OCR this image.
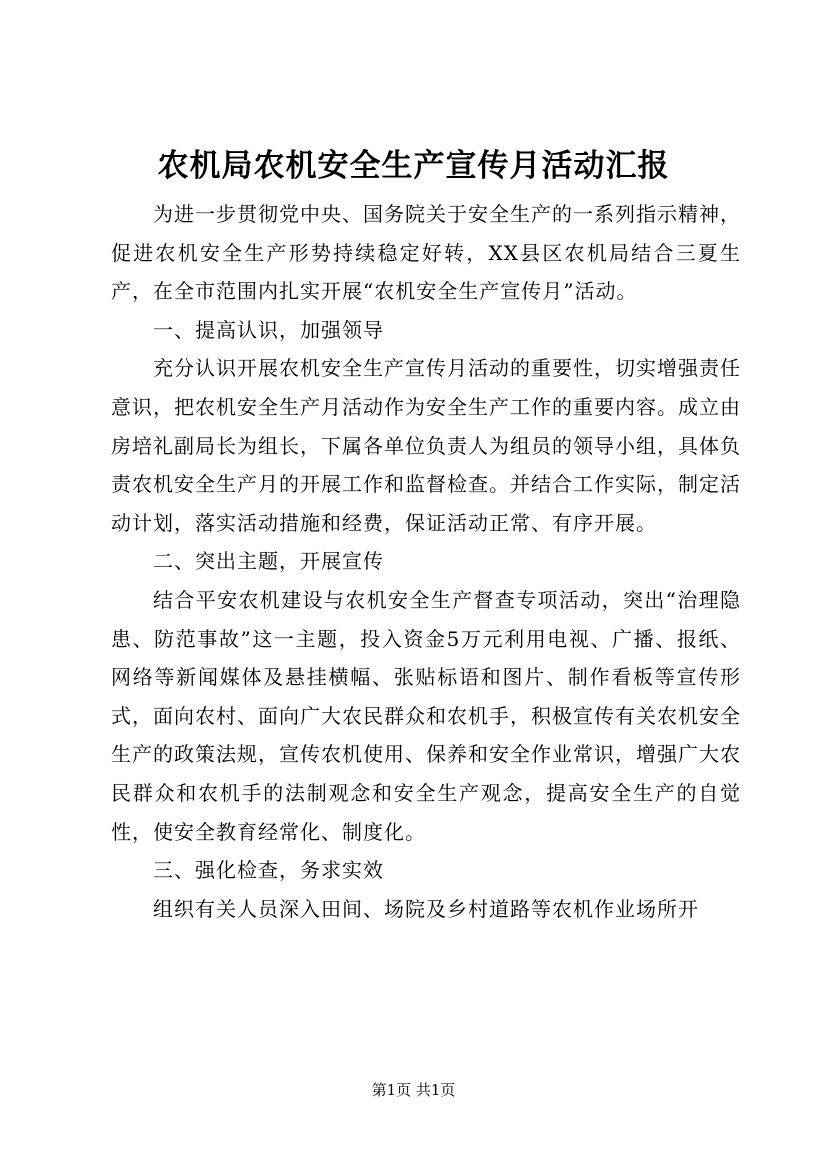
农机局农机安全生产宣传月活动汇报

为进一步贯彻党中央、国务院关于安全生产的一系列指示精神，促进农机安全生产形势持续稳定好转，XX县区农机局结合三夏生产，在全市范围内扎实开展“农机安全生产宣传月”活动。

一、提高认识，加强领导

充分认识开展农机安全生产宣传月活动的重要性，切实增强责任意识，把农机安全生产月活动作为安全生产工作的重要内容。成立由房培礼副局长为组长，下属各单位负责人为组员的领导小组，具体负责农机安全生产月的开展工作和监督检查。并结合工作实际，制定活动计划，落实活动措施和经费，保证活动正常、有序开展。

二、突出主题，开展宣传

结合平安农机建设与农机安全生产督查专项活动，突出“治理隐患、防范事故”这一主题，投入资金5万元利用电视、广播、报纸、网络等新闻媒体及悬挂横幅、张贴标语和图片、制作看板等宣传形式，面向农村、面向广大农民群众和农机手，积极宣传有关农机安全生产的政策法规，宣传农机使用、保养和安全作业常识，增强广大农民群众和农机手的法制观念和安全生产观念，提高安全生产的自觉性，使安全教育经常化、制度化。

三、强化检查，务求实效

组织有关人员深入田间、场院及乡村道路等农机作业场所开

第1页 共1页
